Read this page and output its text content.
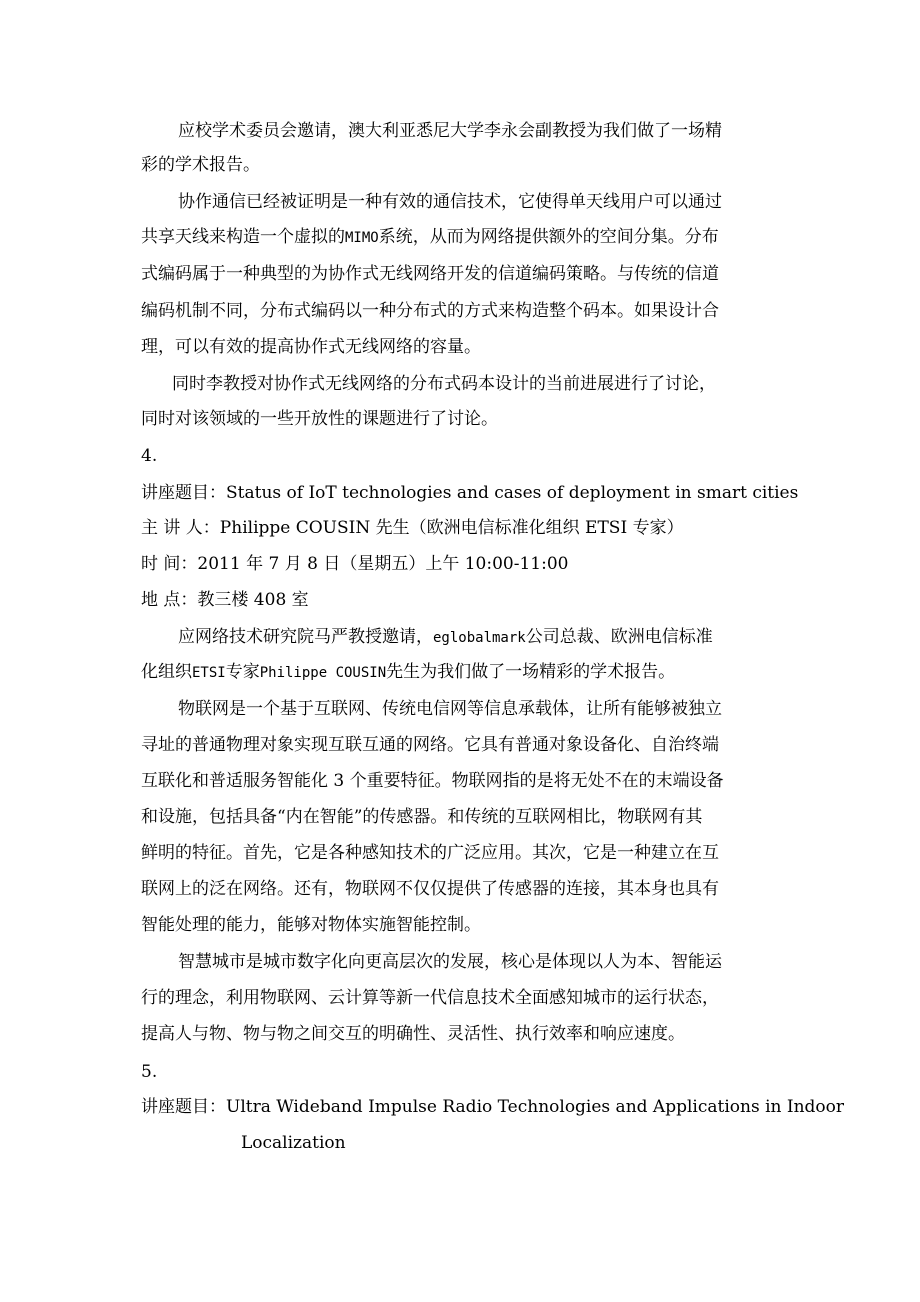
应校学术委员会邀请，澳大利亚悉尼大学李永会副教授为我们做了一场精
彩的学术报告。
协作通信已经被证明是一种有效的通信技术，它使得单天线用户可以通过
共享天线来构造一个虚拟的MIMO系统，从而为网络提供额外的空间分集。分布
式编码属于一种典型的为协作式无线网络开发的信道编码策略。与传统的信道
编码机制不同，分布式编码以一种分布式的方式来构造整个码本。如果设计合
理，可以有效的提高协作式无线网络的容量。
同时李教授对协作式无线网络的分布式码本设计的当前进展进行了讨论，
同时对该领域的一些开放性的课题进行了讨论。
4.
讲座题目：Status of IoT technologies and cases of deployment in smart cities
主 讲 人：Philippe COUSIN 先生（欧洲电信标准化组织 ETSI 专家）
时 间：2011 年 7 月 8 日（星期五）上午 10:00-11:00
地 点：教三楼 408 室
应网络技术研究院马严教授邀请，eglobalmark公司总裁、欧洲电信标准
化组织ETSI专家Philippe COUSIN先生为我们做了一场精彩的学术报告。
物联网是一个基于互联网、传统电信网等信息承载体，让所有能够被独立
寻址的普通物理对象实现互联互通的网络。它具有普通对象设备化、自治终端
互联化和普适服务智能化 3 个重要特征。物联网指的是将无处不在的末端设备
和设施，包括具备“内在智能”的传感器。和传统的互联网相比，物联网有其
鲜明的特征。首先，它是各种感知技术的广泛应用。其次，它是一种建立在互
联网上的泛在网络。还有，物联网不仅仅提供了传感器的连接，其本身也具有
智能处理的能力，能够对物体实施智能控制。
智慧城市是城市数字化向更高层次的发展，核心是体现以人为本、智能运
行的理念，利用物联网、云计算等新一代信息技术全面感知城市的运行状态，
提高人与物、物与物之间交互的明确性、灵活性、执行效率和响应速度。
5.
讲座题目：Ultra Wideband Impulse Radio Technologies and Applications in Indoor
Localization
